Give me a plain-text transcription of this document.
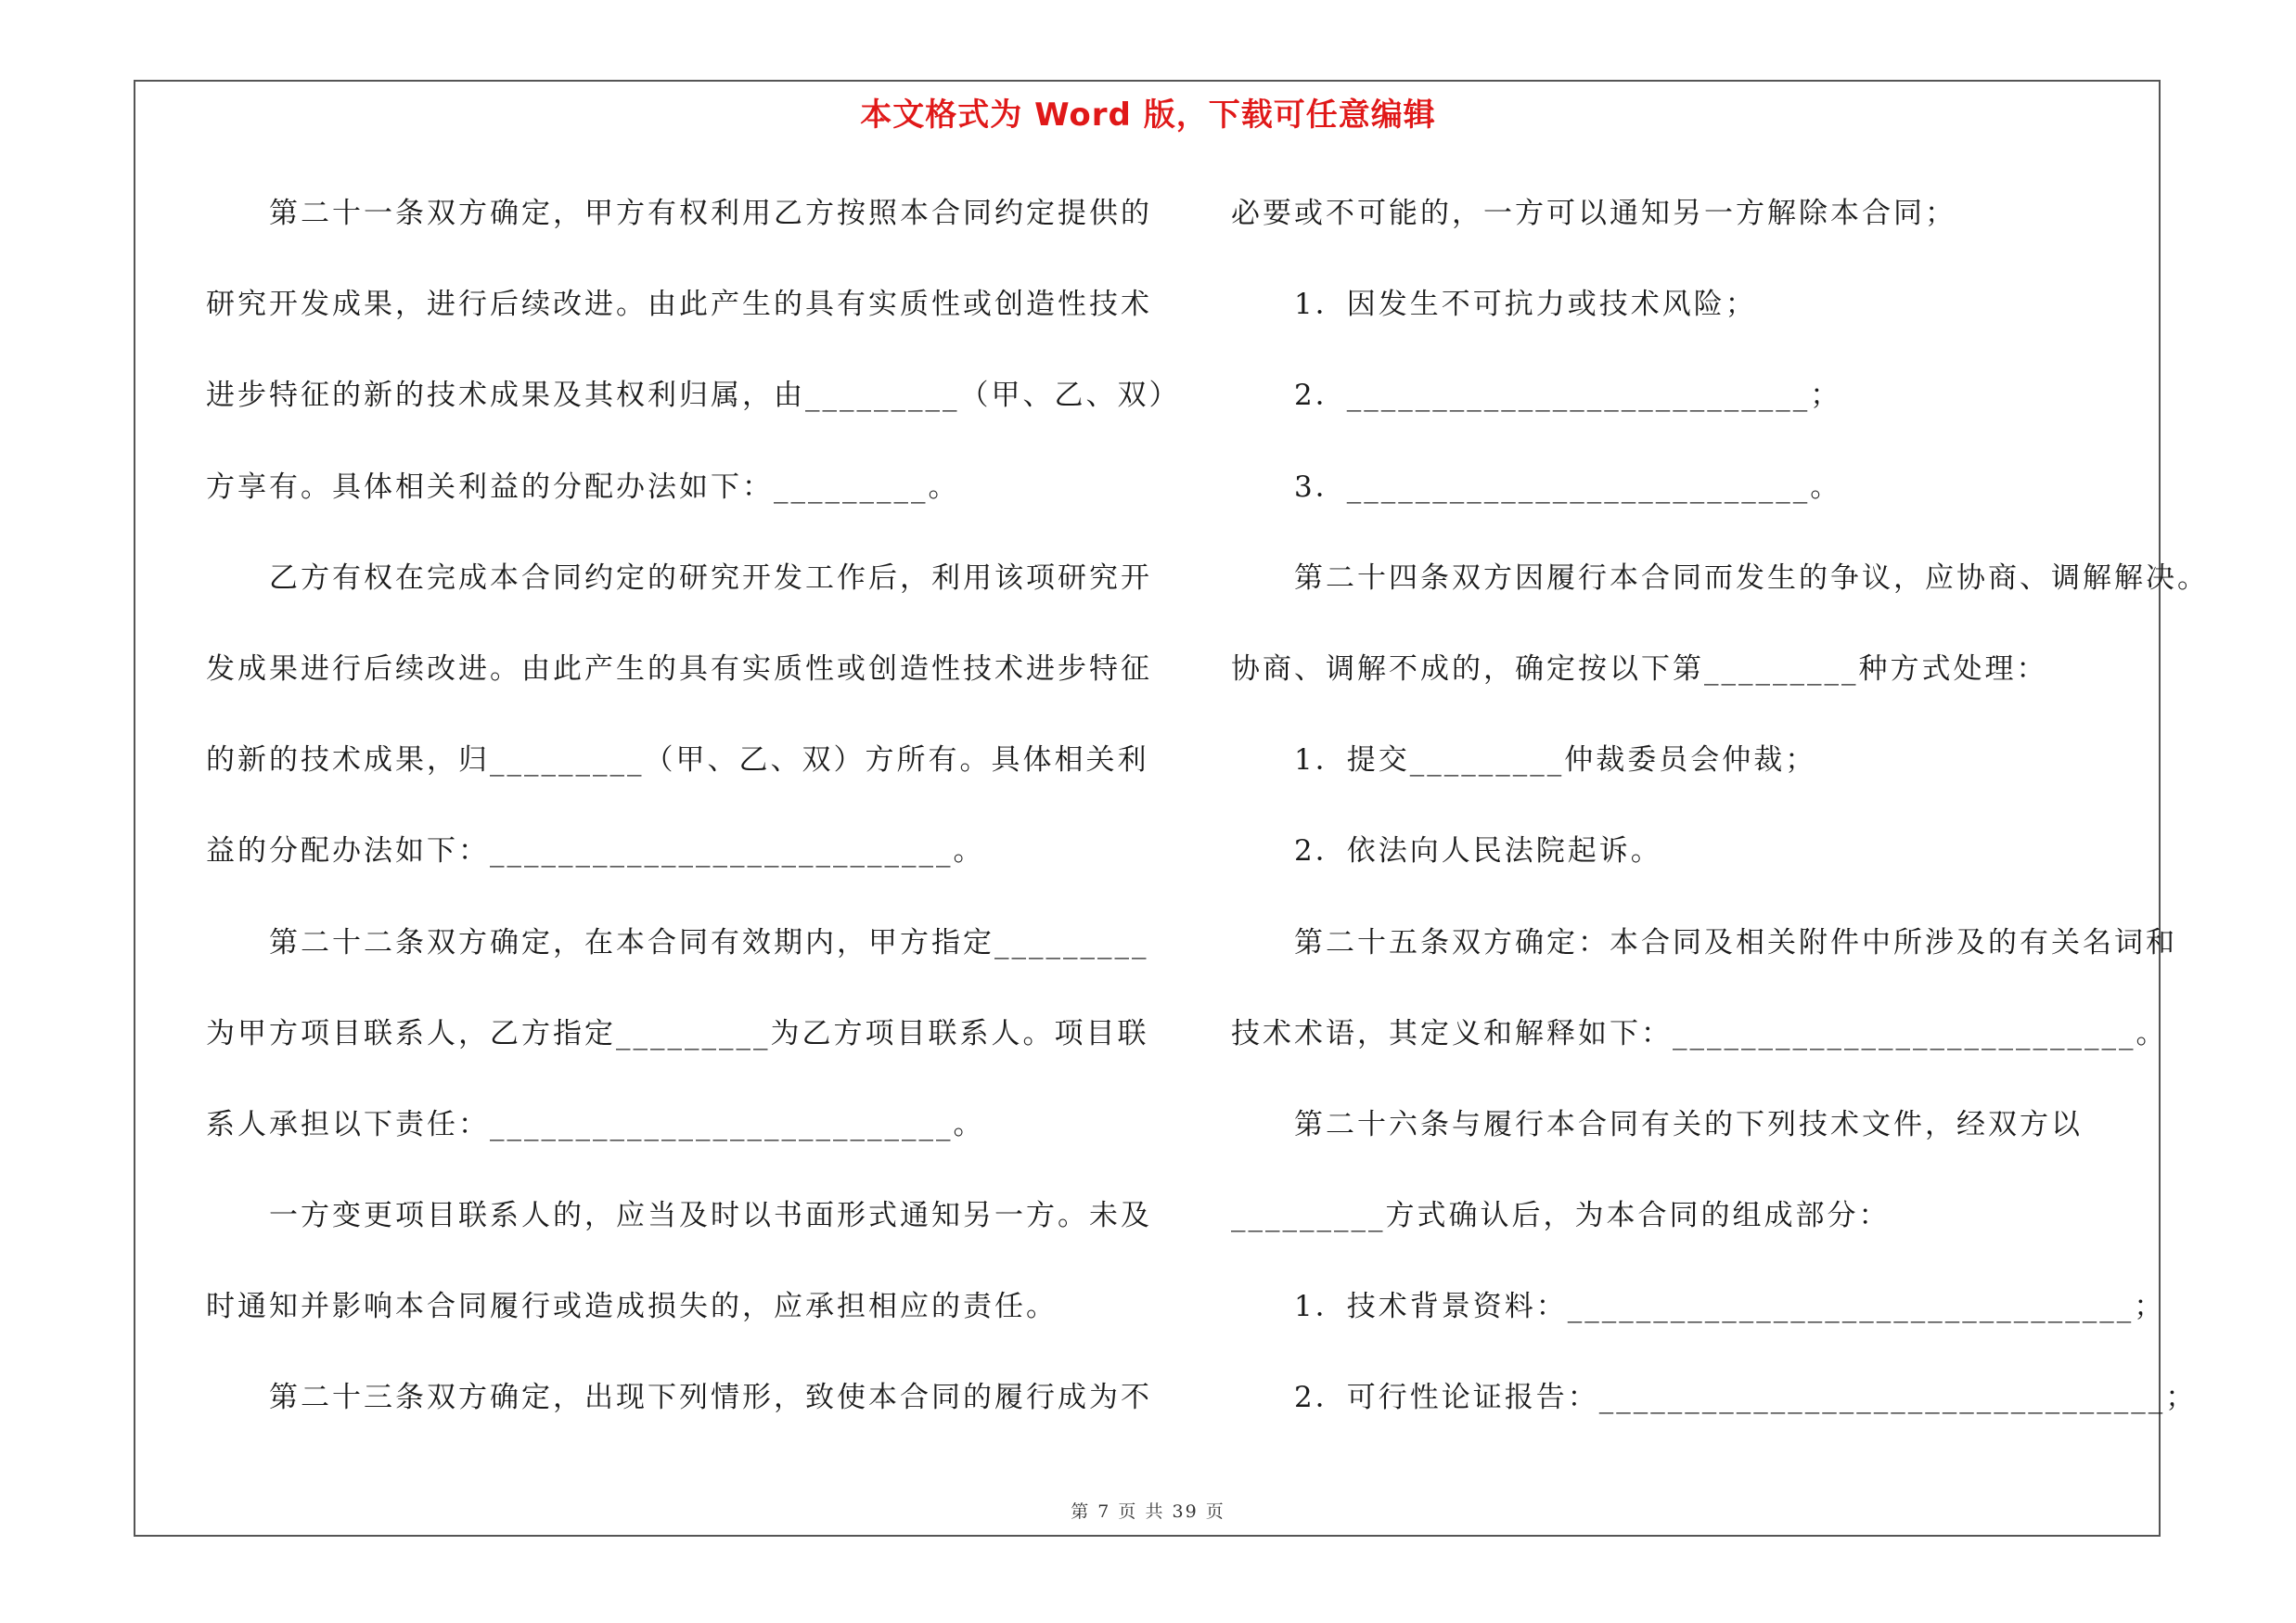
本文格式为 Word 版，下载可任意编辑
第二十一条双方确定，甲方有权利用乙方按照本合同约定提供的
研究开发成果，进行后续改进。由此产生的具有实质性或创造性技术
进步特征的新的技术成果及其权利归属，由_________（甲、乙、双）
方享有。具体相关利益的分配办法如下：_________。
乙方有权在完成本合同约定的研究开发工作后，利用该项研究开
发成果进行后续改进。由此产生的具有实质性或创造性技术进步特征
的新的技术成果，归_________（甲、乙、双）方所有。具体相关利
益的分配办法如下：___________________________。
第二十二条双方确定，在本合同有效期内，甲方指定_________
为甲方项目联系人，乙方指定_________为乙方项目联系人。项目联
系人承担以下责任：___________________________。
一方变更项目联系人的，应当及时以书面形式通知另一方。未及
时通知并影响本合同履行或造成损失的，应承担相应的责任。
第二十三条双方确定，出现下列情形，致使本合同的履行成为不
必要或不可能的，一方可以通知另一方解除本合同；
1．因发生不可抗力或技术风险；
2．___________________________；
3．___________________________。
第二十四条双方因履行本合同而发生的争议，应协商、调解解决。
协商、调解不成的，确定按以下第_________种方式处理：
1．提交_________仲裁委员会仲裁；
2．依法向人民法院起诉。
第二十五条双方确定：本合同及相关附件中所涉及的有关名词和
技术术语，其定义和解释如下：___________________________。
第二十六条与履行本合同有关的下列技术文件，经双方以
_________方式确认后，为本合同的组成部分：
1．技术背景资料：_________________________________；
2．可行性论证报告：_________________________________；
第 7 页 共 39 页
